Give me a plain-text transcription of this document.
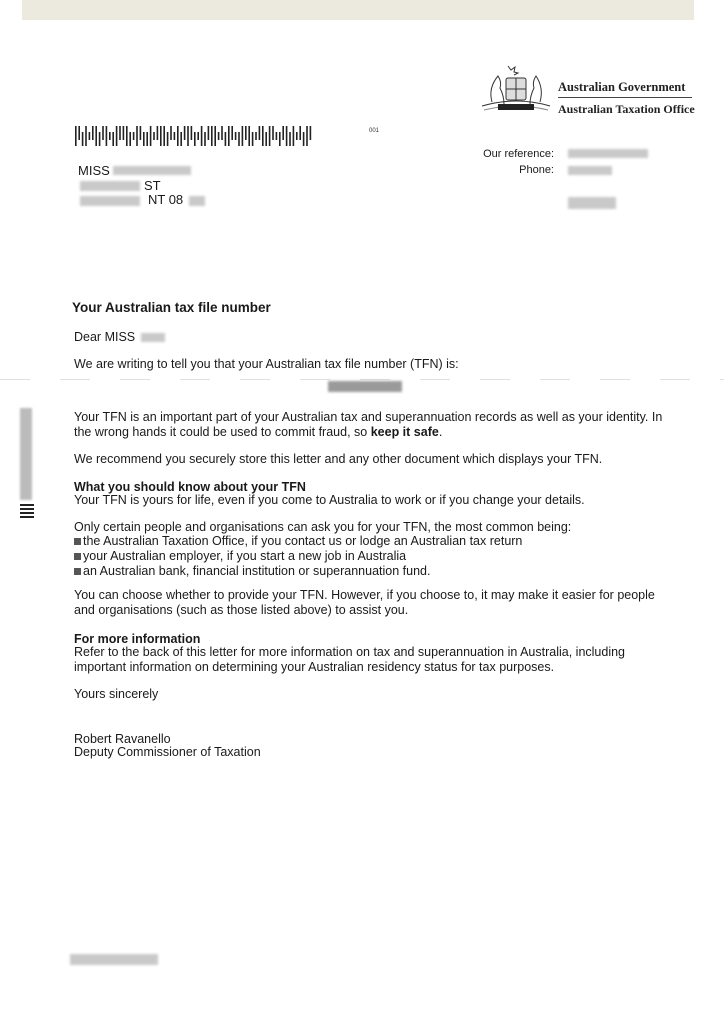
Australian Government
Australian Taxation Office
001
Our reference:
Phone:
MISS
ST
NT 08
Your Australian tax file number
Dear MISS
We are writing to tell you that your Australian tax file number (TFN) is:
Your TFN is an important part of your Australian tax and superannuation records as well as your identity. In the wrong hands it could be used to commit fraud, so keep it safe.
We recommend you securely store this letter and any other document which displays your TFN.
What you should know about your TFN
Your TFN is yours for life, even if you come to Australia to work or if you change your details.
Only certain people and organisations can ask you for your TFN, the most common being:
the Australian Taxation Office, if you contact us or lodge an Australian tax return
your Australian employer, if you start a new job in Australia
an Australian bank, financial institution or superannuation fund.
You can choose whether to provide your TFN. However, if you choose to, it may make it easier for people and organisations (such as those listed above) to assist you.
For more information
Refer to the back of this letter for more information on tax and superannuation in Australia, including important information on determining your Australian residency status for tax purposes.
Yours sincerely
Robert Ravanello
Deputy Commissioner of Taxation
